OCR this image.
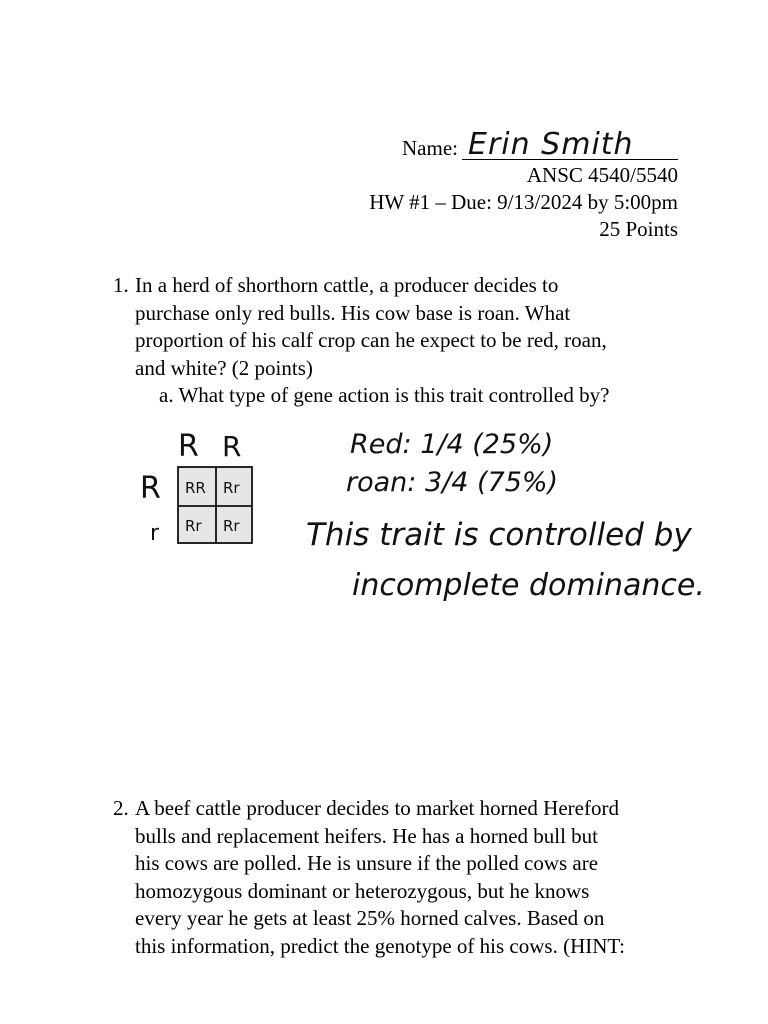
Name: Erin Smith
ANSC 4540/5540
HW #1 – Due: 9/13/2024 by 5:00pm
25 Points
1. In a herd of shorthorn cattle, a producer decides to
purchase only red bulls. His cow base is roan. What
proportion of his calf crop can he expect to be red, roan,
and white? (2 points)
a. What type of gene action is this trait controlled by?
R R
R
r
RR Rr
Rr Rr
Red: 1/4 (25%)
roan: 3/4 (75%)
This trait is controlled by
incomplete dominance.
2. A beef cattle producer decides to market horned Hereford
bulls and replacement heifers. He has a horned bull but
his cows are polled. He is unsure if the polled cows are
homozygous dominant or heterozygous, but he knows
every year he gets at least 25% horned calves. Based on
this information, predict the genotype of his cows. (HINT:
